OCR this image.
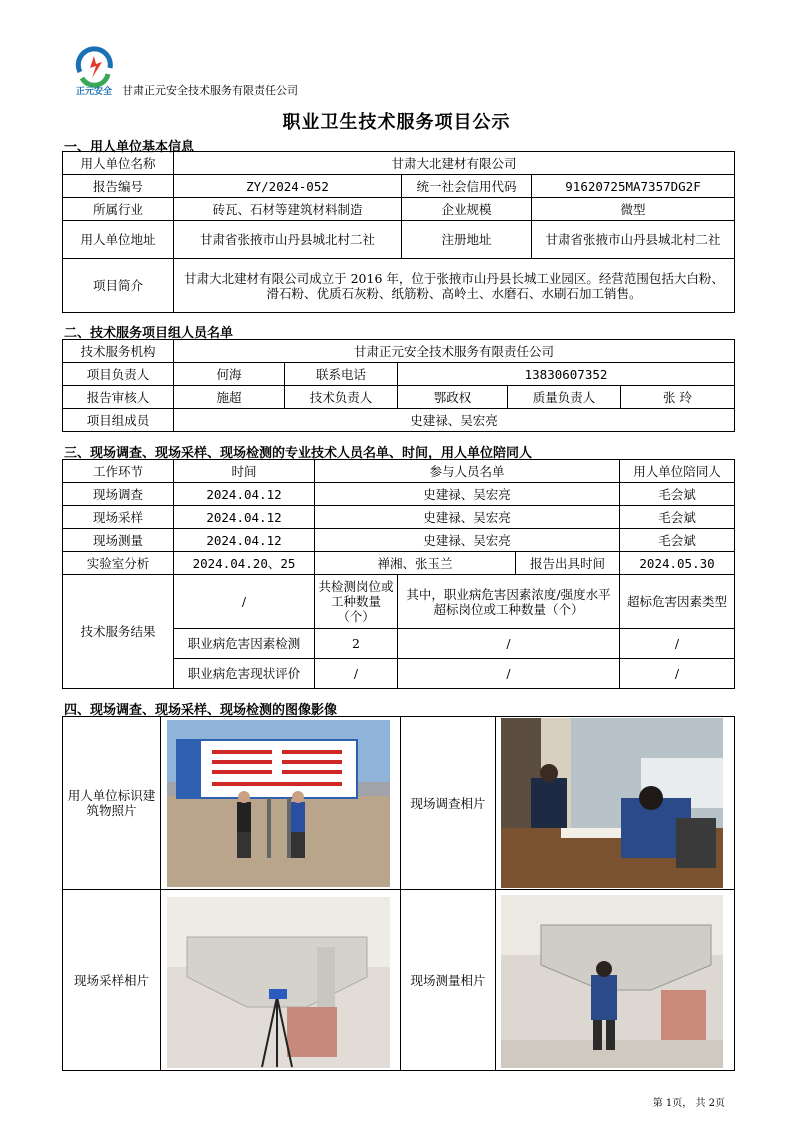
正元安全 甘肃正元安全技术服务有限责任公司
职业卫生技术服务项目公示
一、用人单位基本信息
用人单位名称	甘肃大北建材有限公司		
报告编号	ZY/2024-052	统一社会信用代码	91620725MA7357DG2F
所属行业	砖瓦、石材等建筑材料制造	企业规模	微型
用人单位地址	甘肃省张掖市山丹县城北村二社	注册地址	甘肃省张掖市山丹县城北村二社
项目简介	甘肃大北建材有限公司成立于 2016 年，位于张掖市山丹县长城工业园区。经营范围包括大白粉、滑石粉、优质石灰粉、纸筋粉、高岭土、水磨石、水刷石加工销售。		
二、技术服务项目组人员名单
技术服务机构	甘肃正元安全技术服务有限责任公司				
项目负责人	何海	联系电话	13830607352		
报告审核人	施超	技术负责人	鄂政权	质量负责人	张 玲
项目组成员	史建禄、吴宏亮				
三、现场调查、现场采样、现场检测的专业技术人员名单、时间，用人单位陪同人
工作环节	时间	参与人员名单			用人单位陪同人
现场调查	2024.04.12	史建禄、吴宏亮			毛会斌
现场采样	2024.04.12	史建禄、吴宏亮			毛会斌
现场测量	2024.04.12	史建禄、吴宏亮			毛会斌
实验室分析	2024.04.20、25	禅湘、张玉兰		报告出具时间	2024.05.30
技术服务结果	/	共检测岗位或工种数量（个）	其中，职业病危害因素浓度/强度水平超标岗位或工种数量（个）		超标危害因素类型
	职业病危害因素检测	2	/		/
	职业病危害现状评价	/	/		/
四、现场调查、现场采样、现场检测的图像影像
用人单位标识建筑物照片		现场调查相片	
现场采样相片		现场测量相片	
第 1页， 共 2页
